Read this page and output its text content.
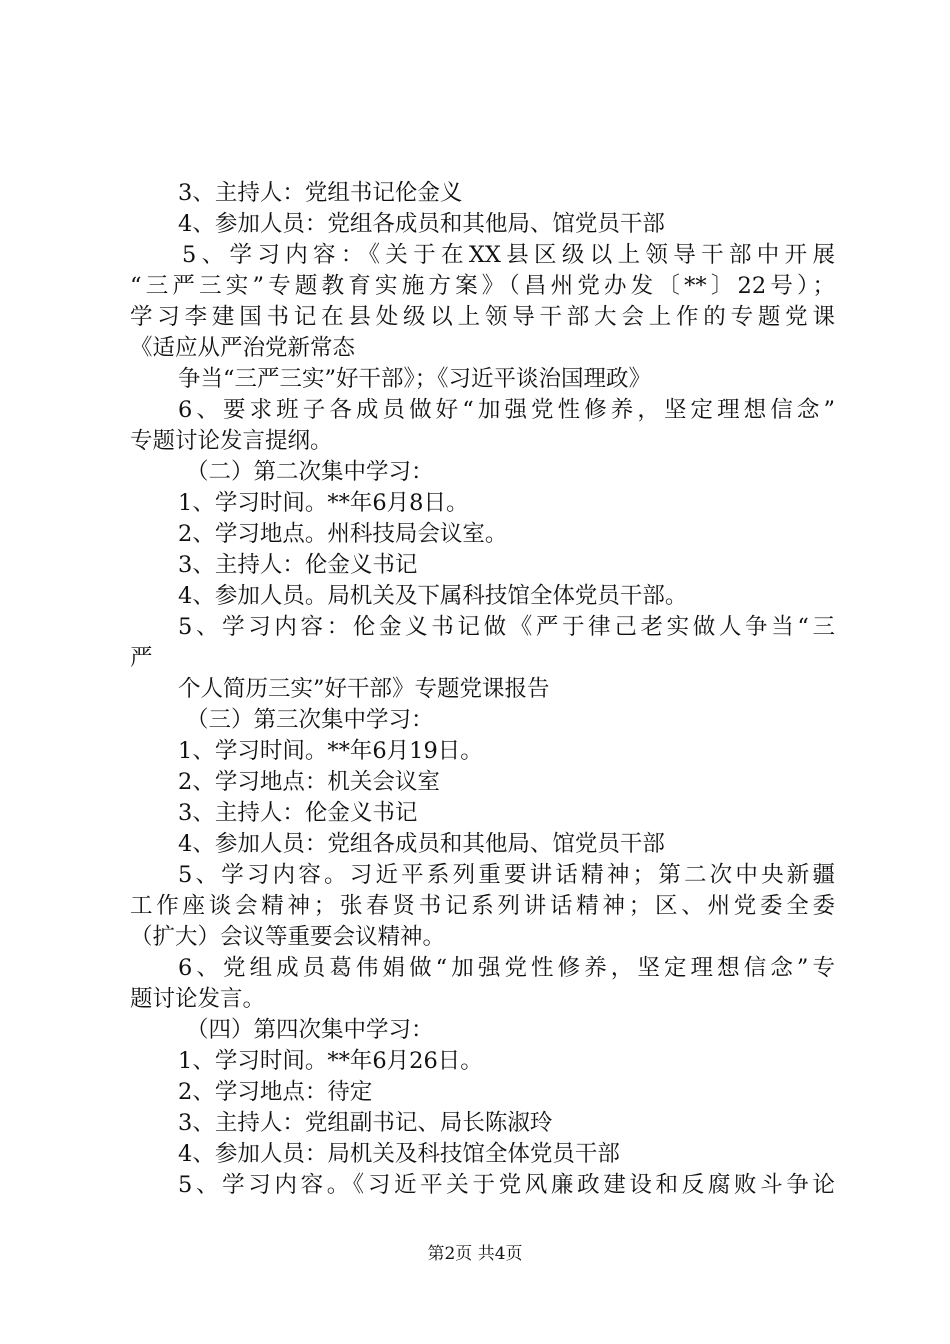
3、主持人：党组书记伦金义
4、参加人员：党组各成员和其他局、馆党员干部
5、学习内容：《关于在XX县区级以上领导干部中开展
“三严三实”专题教育实施方案》（昌州党办发〔**〕22号）；
学习李建国书记在县处级以上领导干部大会上作的专题党课
《适应从严治党新常态
争当“三严三实”好干部》；《习近平谈治国理政》
6、要求班子各成员做好“加强党性修养，坚定理想信念”
专题讨论发言提纲。
（二）第二次集中学习：
1、学习时间。**年6月8日。
2、学习地点。州科技局会议室。
3、主持人：伦金义书记
4、参加人员。局机关及下属科技馆全体党员干部。
5、学习内容：伦金义书记做《严于律己老实做人争当“三
严
个人简历三实”好干部》专题党课报告
（三）第三次集中学习：
1、学习时间。**年6月19日。
2、学习地点：机关会议室
3、主持人：伦金义书记
4、参加人员：党组各成员和其他局、馆党员干部
5、学习内容。习近平系列重要讲话精神；第二次中央新疆
工作座谈会精神；张春贤书记系列讲话精神；区、州党委全委
（扩大）会议等重要会议精神。
6、党组成员葛伟娟做“加强党性修养，坚定理想信念”专
题讨论发言。
（四）第四次集中学习：
1、学习时间。**年6月26日。
2、学习地点：待定
3、主持人：党组副书记、局长陈淑玲
4、参加人员：局机关及科技馆全体党员干部
5、学习内容。《习近平关于党风廉政建设和反腐败斗争论
第2页 共4页
